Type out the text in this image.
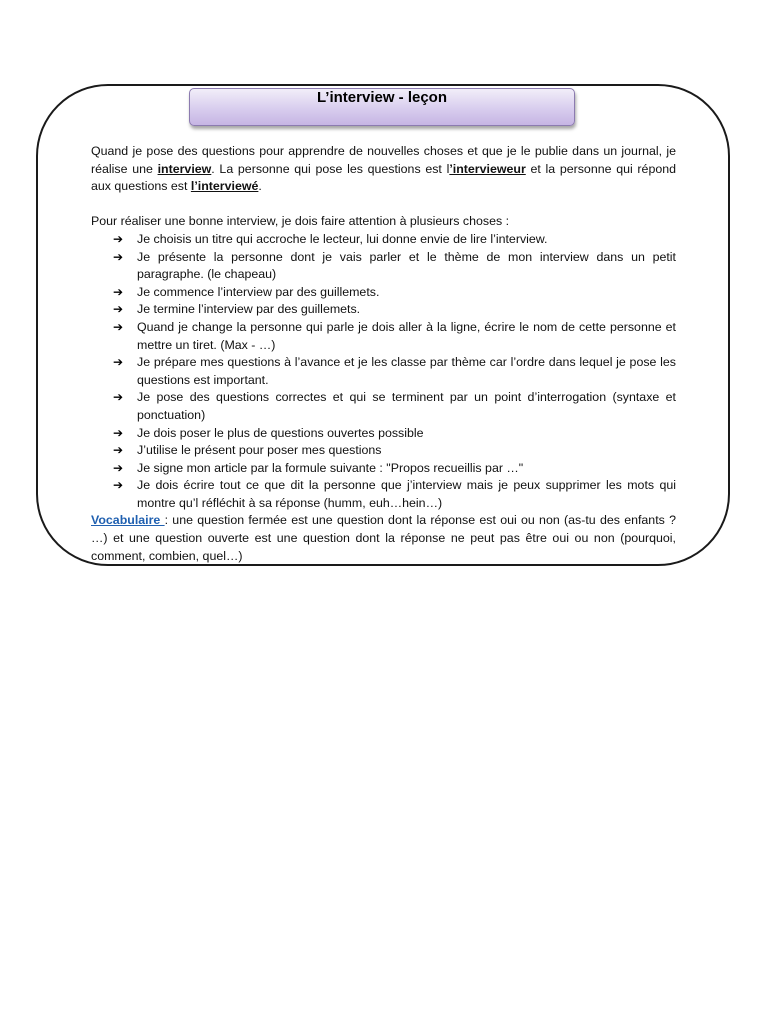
L’interview - leçon

Quand je pose des questions pour apprendre de nouvelles choses et que je le publie dans un journal, je réalise une interview. La personne qui pose les questions est l’intervieweur et la personne qui répond aux questions est l’interviewé.

Pour réaliser une bonne interview, je dois faire attention à plusieurs choses :

➔ Je choisis un titre qui accroche le lecteur, lui donne envie de lire l’interview.
➔ Je présente la personne dont je vais parler et le thème de mon interview dans un petit paragraphe. (le chapeau)
➔ Je commence l’interview par des guillemets.
➔ Je termine l’interview par des guillemets.
➔ Quand je change la personne qui parle je dois aller à la ligne, écrire le nom de cette personne et mettre un tiret. (Max - …)
➔ Je prépare mes questions à l’avance et je les classe par thème car l’ordre dans lequel je pose les questions est important.
➔ Je pose des questions correctes et qui se terminent par un point d’interrogation (syntaxe et ponctuation)
➔ Je dois poser le plus de questions ouvertes possible
➔ J’utilise le présent pour poser mes questions
➔ Je signe mon article par la formule suivante : "Propos recueillis par …"
➔ Je dois écrire tout ce que dit la personne que j’interview mais je peux supprimer les mots qui montre qu’l réfléchit à sa réponse (humm, euh…hein…)

Vocabulaire : une question fermée est une question dont la réponse est oui ou non (as-tu des enfants ? …) et une question ouverte est une question dont la réponse ne peut pas être oui ou non (pourquoi, comment, combien, quel…)
